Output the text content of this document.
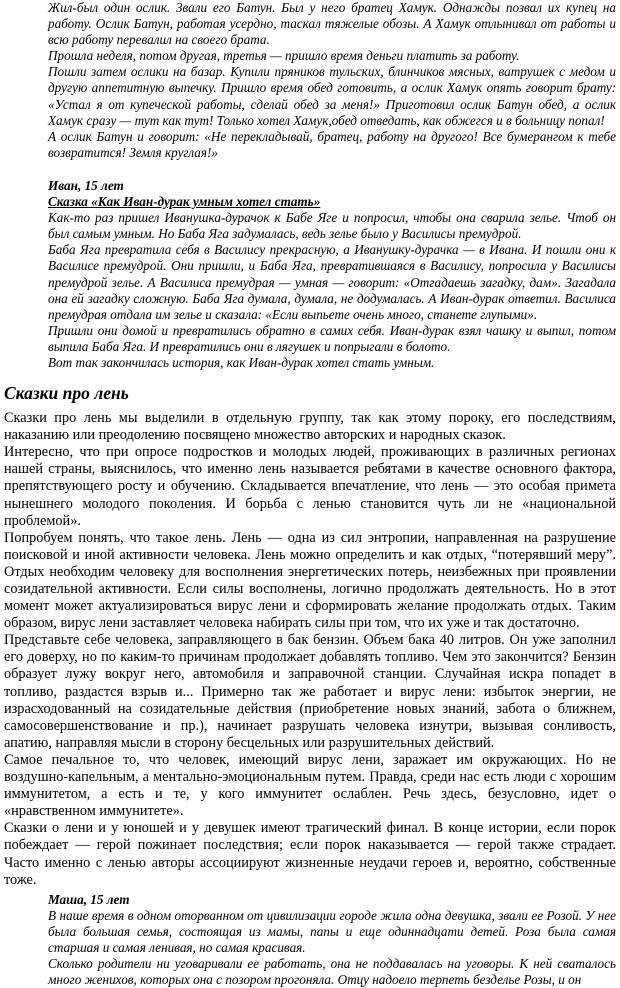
Жил-был один ослик. Звали его Батун. Был у него братец Хамук. Однажды позвал их купец на работу. Ослик Батун, работая усердно, таскал тяжелые обозы. А Хамук отлынивал от работы и всю работу перевалил на своего брата.

Прошла неделя, потом другая, третья — пришло время деньги платить за работу.

Пошли затем ослики на базар. Купили пряников тульских, блинчиков мясных, ватрушек с медом и другую аппетитную выпечку. Пришло время обед готовить, а ослик Хамук опять говорит брату: «Устал я от купеческой работы, сделай обед за меня!» Приготовил ослик Батун обед, а ослик Хамук сразу — тут как тут! Только хотел Хамук,обед отведать, как обжегся и в больницу попал!

А ослик Батун и говорит: «Не перекладывай, братец, работу на другого! Все бумерангом к тебе возвратится! Земля круглая!»

Иван, 15 лет

Сказка «Как Иван-дурак умным хотел стать»

Как-то раз пришел Иванушка-дурачок к Бабе Яге и попросил, чтобы она сварила зелье. Чтоб он был самым умным. Но Баба Яга задумалась, ведь зелье было у Василисы премудрой.

Баба Яга превратила себя в Василису прекрасную, а Иванушку-дурачка — в Ивана. И пошли они к Василисе премудрой. Они пришли, и Баба Яга, превратившаяся в Василису, попросила у Василисы премудрой зелье. А Василиса премудрая — умная — говорит: «Отгадаешь загадку, дам». Загадала она ей загадку сложную. Баба Яга думала, думала, не додумалась. А Иван-дурак ответил. Василиса премудрая отдала им зелье и сказала: «Если выпьете очень много, станете глупыми».

Пришли они домой и превратились обратно в самих себя. Иван-дурак взял чашку и выпил, потом выпила Баба Яга. И превратились они в лягушек и попрыгали в болото.

Вот так закончилась история, как Иван-дурак хотел стать умным.

Сказки про лень

Сказки про лень мы выделили в отдельную группу, так как этому пороку, его последствиям, наказанию или преодолению посвящено множество авторских и народных сказок.

Интересно, что при опросе подростков и молодых людей, проживающих в различных регионах нашей страны, выяснилось, что именно лень называется ребятами в качестве основного фактора, препятствующего росту и обучению. Складывается впечатление, что лень — это особая примета нынешнего молодого поколения. И борьба с ленью становится чуть ли не «национальной проблемой».

Попробуем понять, что такое лень. Лень — одна из сил энтропии, направленная на разрушение поисковой и иной активности человека. Лень можно определить и как отдых, “потерявший меру”. Отдых необходим человеку для восполнения энергетических потерь, неизбежных при проявлении созидательной активности. Если силы восполнены, логично продолжать деятельность. Но в этот момент может актуализироваться вирус лени и сформировать желание продолжать отдых. Таким образом, вирус лени заставляет человека набирать силы при том, что их уже и так достаточно.

Представьте себе человека, заправляющего в бак бензин. Объем бака 40 литров. Он уже заполнил его доверху, но по каким-то причинам продолжает добавлять топливо. Чем это закончится? Бензин образует лужу вокруг него, автомобиля и заправочной станции. Случайная искра попадет в топливо, раздастся взрыв и... Примерно так же работает и вирус лени: избыток энергии, не израсходованный на созидательные действия (приобретение новых знаний, забота о ближнем, самосовершенствование и пр.), начинает разрушать человека изнутри, вызывая сонливость, апатию, направляя мысли в сторону бесцельных или разрушительных действий.

Самое печальное то, что человек, имеющий вирус лени, заражает им окружающих. Но не воздушно-капельным, а ментально-эмоциональным путем. Правда, среди нас есть люди с хорошим иммунитетом, а есть и те, у кого иммунитет ослаблен. Речь здесь, безусловно, идет о «нравственном иммунитете».

Сказки о лени и у юношей и у девушек имеют трагический финал. В конце истории, если порок побеждает — герой пожинает последствия; если порок наказывается — герой также страдает. Часто именно с ленью авторы ассоциируют жизненные неудачи героев и, вероятно, собственные тоже.

Маша, 15 лет

В наше время в одном оторванном от цивилизации городе жила одна девушка, звали ее Розой. У нее была большая семья, состоящая из мамы, папы и еще одиннадцати детей. Роза была самая старшая и самая ленивая, но самая красивая.

Сколько родители ни уговаривали ее работать, она не поддавалась на уговоры. К ней сваталось много женихов, которых она с позором прогоняла. Отцу надоело терпеть безделье Розы, и он
